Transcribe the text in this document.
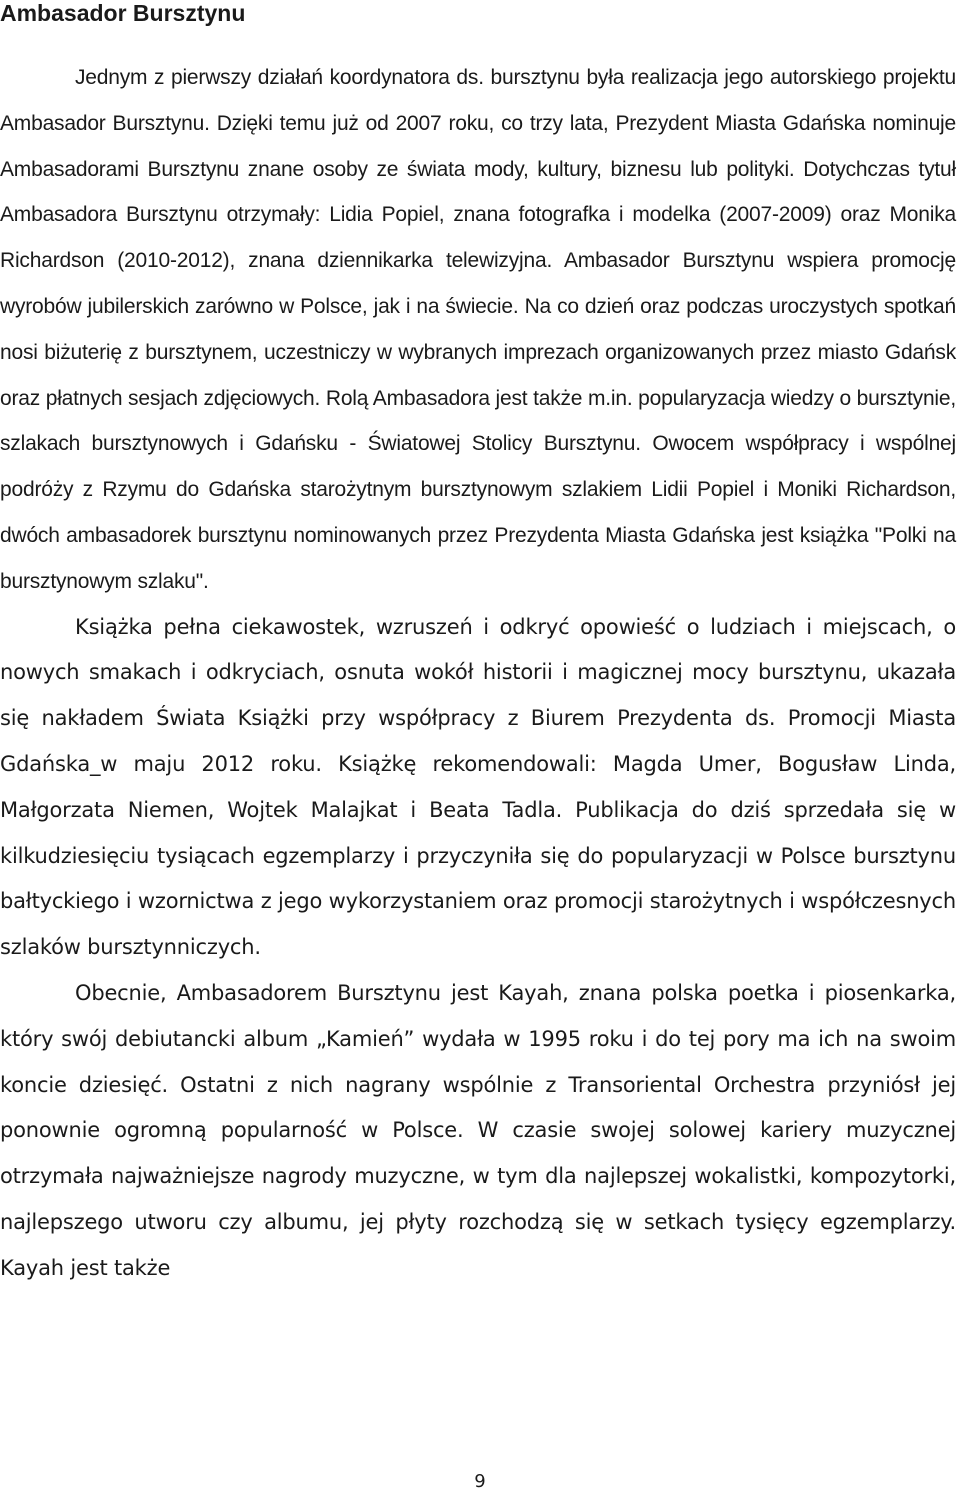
Ambasador Bursztynu

Jednym z pierwszy działań koordynatora ds. bursztynu była realizacja jego autorskiego projektu Ambasador Bursztynu. Dzięki temu już od 2007 roku, co trzy lata, Prezydent Miasta Gdańska nominuje Ambasadorami Bursztynu znane osoby ze świata mody, kultury, biznesu lub polityki. Dotychczas tytuł Ambasadora Bursztynu otrzymały: Lidia Popiel, znana fotografka i modelka (2007-2009) oraz Monika Richardson (2010-2012), znana dziennikarka telewizyjna. Ambasador Bursztynu wspiera promocję wyrobów jubilerskich zarówno w Polsce, jak i na świecie. Na co dzień oraz podczas uroczystych spotkań nosi biżuterię z bursztynem, uczestniczy w wybranych imprezach organizowanych przez miasto Gdańsk oraz płatnych sesjach zdjęciowych. Rolą Ambasadora jest także m.in. popularyzacja wiedzy o bursztynie, szlakach bursztynowych i Gdańsku - Światowej Stolicy Bursztynu. Owocem współpracy i wspólnej podróży z Rzymu do Gdańska starożytnym bursztynowym szlakiem Lidii Popiel i Moniki Richardson, dwóch ambasadorek bursztynu nominowanych przez Prezydenta Miasta Gdańska jest książka "Polki na bursztynowym szlaku".

Książka pełna ciekawostek, wzruszeń i odkryć opowieść o ludziach i miejscach, o nowych smakach i odkryciach, osnuta wokół historii i magicznej mocy bursztynu, ukazała się nakładem Świata Książki przy współpracy z Biurem Prezydenta ds. Promocji Miasta Gdańska_w maju 2012 roku. Książkę rekomendowali: Magda Umer, Bogusław Linda, Małgorzata Niemen, Wojtek Malajkat i Beata Tadla. Publikacja do dziś sprzedała się w kilkudziesięciu tysiącach egzemplarzy i przyczyniła się do popularyzacji w Polsce bursztynu bałtyckiego i wzornictwa z jego wykorzystaniem oraz promocji starożytnych i współczesnych szlaków bursztynniczych.

Obecnie, Ambasadorem Bursztynu jest Kayah, znana polska poetka i piosenkarka, który swój debiutancki album „Kamień” wydała w 1995 roku i do tej pory ma ich na swoim koncie dziesięć. Ostatni z nich nagrany wspólnie z Transoriental Orchestra przyniósł jej ponownie ogromną popularność w Polsce. W czasie swojej solowej kariery muzycznej otrzymała najważniejsze nagrody muzyczne, w tym dla najlepszej wokalistki, kompozytorki, najlepszego utworu czy albumu, jej płyty rozchodzą się w setkach tysięcy egzemplarzy. Kayah jest także

9
